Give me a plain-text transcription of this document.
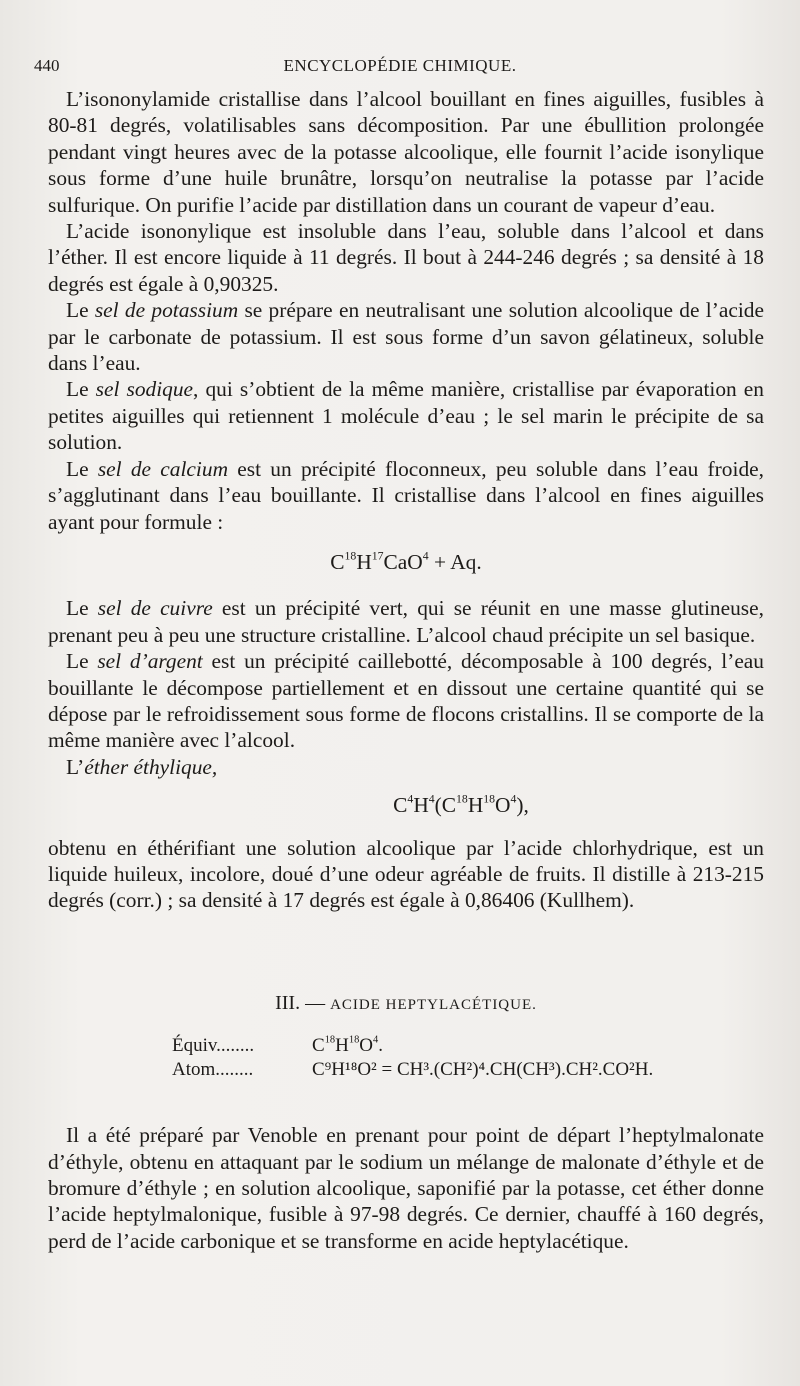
440	ENCYCLOPÉDIE CHIMIQUE.

L’isononylamide cristallise dans l’alcool bouillant en fines aiguilles, fusibles à 80-81 degrés, volatilisables sans décomposition. Par une ébullition prolongée pendant vingt heures avec de la potasse alcoolique, elle fournit l’acide isonylique sous forme d’une huile brunâtre, lorsqu’on neutralise la potasse par l’acide sulfurique. On purifie l’acide par distillation dans un courant de vapeur d’eau.

L’acide isononylique est insoluble dans l’eau, soluble dans l’alcool et dans l’éther. Il est encore liquide à 11 degrés. Il bout à 244-246 degrés ; sa densité à 18 degrés est égale à 0,90325.

Le sel de potassium se prépare en neutralisant une solution alcoolique de l’acide par le carbonate de potassium. Il est sous forme d’un savon gélatineux, soluble dans l’eau.

Le sel sodique, qui s’obtient de la même manière, cristallise par évaporation en petites aiguilles qui retiennent 1 molécule d’eau ; le sel marin le précipite de sa solution.

Le sel de calcium est un précipité floconneux, peu soluble dans l’eau froide, s’agglutinant dans l’eau bouillante. Il cristallise dans l’alcool en fines aiguilles ayant pour formule :

$C^{18}H^{17}CaO^4 + Aq$.

Le sel de cuivre est un précipité vert, qui se réunit en une masse glutineuse, prenant peu à peu une structure cristalline. L’alcool chaud précipite un sel basique.

Le sel d’argent est un précipité caillebotté, décomposable à 100 degrés, l’eau bouillante le décompose partiellement et en dissout une certaine quantité qui se dépose par le refroidissement sous forme de flocons cristallins. Il se comporte de la même manière avec l’alcool.

L’éther éthylique,

$C^4H^4(C^{18}H^{18}O^4)$,

obtenu en éthérifiant une solution alcoolique par l’acide chlorhydrique, est un liquide huileux, incolore, doué d’une odeur agréable de fruits. Il distille à 213-215 degrés (corr.) ; sa densité à 17 degrés est égale à 0,86406 (Kullhem).

III. — ACIDE HEPTYLACÉTIQUE.
Équiv........	$C^{18}H^{18}O^4$.
Atom........	C⁹H¹⁸O² = CH³.(CH²)⁴.CH(CH³).CH².CO²H.

Il a été préparé par Venoble en prenant pour point de départ l’heptylmalonate d’éthyle, obtenu en attaquant par le sodium un mélange de malonate d’éthyle et de bromure d’éthyle ; en solution alcoolique, saponifié par la potasse, cet éther donne l’acide heptylmalonique, fusible à 97-98 degrés. Ce dernier, chauffé à 160 degrés, perd de l’acide carbonique et se transforme en acide heptylacétique.
